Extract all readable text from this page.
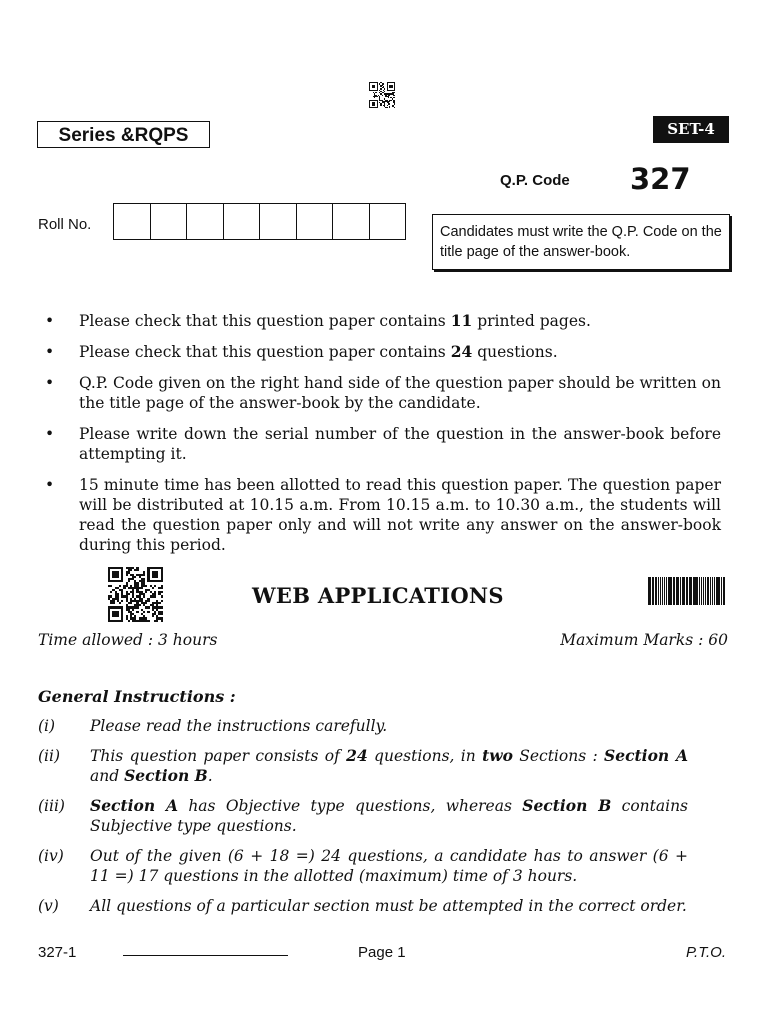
Series &RQPS	SET-4
Q.P. Code 327
Roll No.	Candidates must write the Q.P. Code on the title page of the answer-book.
• Please check that this question paper contains 11 printed pages.
• Please check that this question paper contains 24 questions.
• Q.P. Code given on the right hand side of the question paper should be written on the title page of the answer-book by the candidate.
• Please write down the serial number of the question in the answer-book before attempting it.
• 15 minute time has been allotted to read this question paper. The question paper will be distributed at 10.15 a.m. From 10.15 a.m. to 10.30 a.m., the students will read the question paper only and will not write any answer on the answer-book during this period.
WEB APPLICATIONS
Time allowed : 3 hours	Maximum Marks : 60
General Instructions :
(i)	Please read the instructions carefully.
(ii)	This question paper consists of 24 questions, in two Sections : Section A and Section B.
(iii)	Section A has Objective type questions, whereas Section B contains Subjective type questions.
(iv)	Out of the given (6 + 18 =) 24 questions, a candidate has to answer (6 + 11 =) 17 questions in the allotted (maximum) time of 3 hours.
(v)	All questions of a particular section must be attempted in the correct order.
327-1	Page 1	P.T.O.
